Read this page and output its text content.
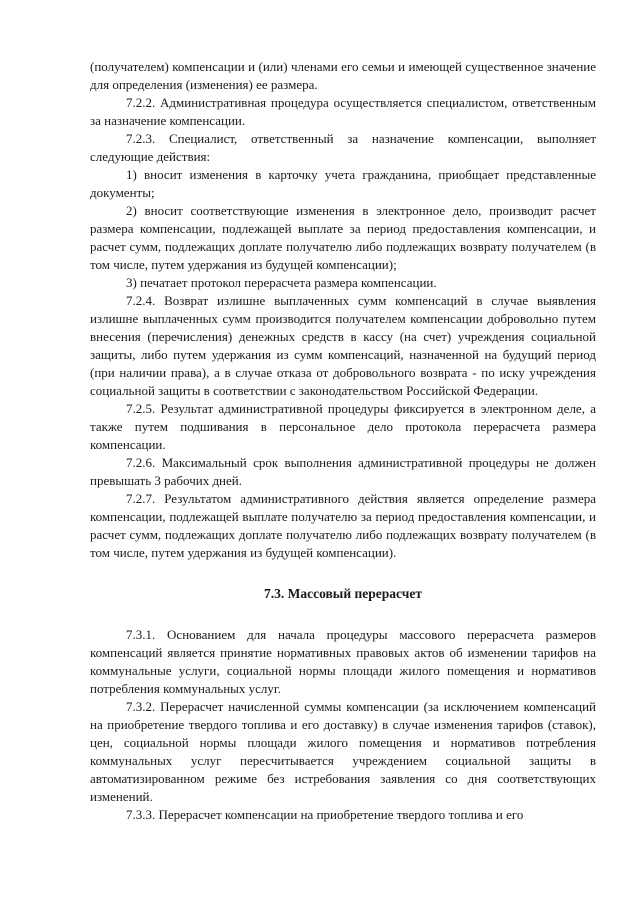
(получателем) компенсации и (или) членами его семьи и имеющей существенное значение для определения (изменения) ее размера.

7.2.2. Административная процедура осуществляется специалистом, ответственным за назначение компенсации.

7.2.3. Специалист, ответственный за назначение компенсации, выполняет следующие действия:

1) вносит изменения в карточку учета гражданина, приобщает представленные документы;

2) вносит соответствующие изменения в электронное дело, производит расчет размера компенсации, подлежащей выплате за период предоставления компенсации, и расчет сумм, подлежащих доплате получателю либо подлежащих возврату получателем (в том числе, путем удержания из будущей компенсации);

3) печатает протокол перерасчета размера компенсации.

7.2.4. Возврат излишне выплаченных сумм компенсаций в случае выявления излишне выплаченных сумм производится получателем компенсации добровольно путем внесения (перечисления) денежных средств в кассу (на счет) учреждения социальной защиты, либо путем удержания из сумм компенсаций, назначенной на будущий период (при наличии права), а в случае отказа от добровольного возврата - по иску учреждения социальной защиты в соответствии с законодательством Российской Федерации.

7.2.5. Результат административной процедуры фиксируется в электронном деле, а также путем подшивания в персональное дело протокола перерасчета размера компенсации.

7.2.6. Максимальный срок выполнения административной процедуры не должен превышать 3 рабочих дней.

7.2.7. Результатом административного действия является определение размера компенсации, подлежащей выплате получателю за период предоставления компенсации, и расчет сумм, подлежащих доплате получателю либо подлежащих возврату получателем (в том числе, путем удержания из будущей компенсации).

7.3. Массовый перерасчет

7.3.1. Основанием для начала процедуры массового перерасчета размеров компенсаций является принятие нормативных правовых актов об изменении тарифов на коммунальные услуги, социальной нормы площади жилого помещения и нормативов потребления коммунальных услуг.

7.3.2. Перерасчет начисленной суммы компенсации (за исключением компенсаций на приобретение твердого топлива и его доставку) в случае изменения тарифов (ставок), цен, социальной нормы площади жилого помещения и нормативов потребления коммунальных услуг пересчитывается учреждением социальной защиты в автоматизированном режиме без истребования заявления со дня соответствующих изменений.

7.3.3. Перерасчет компенсации на приобретение твердого топлива и его
